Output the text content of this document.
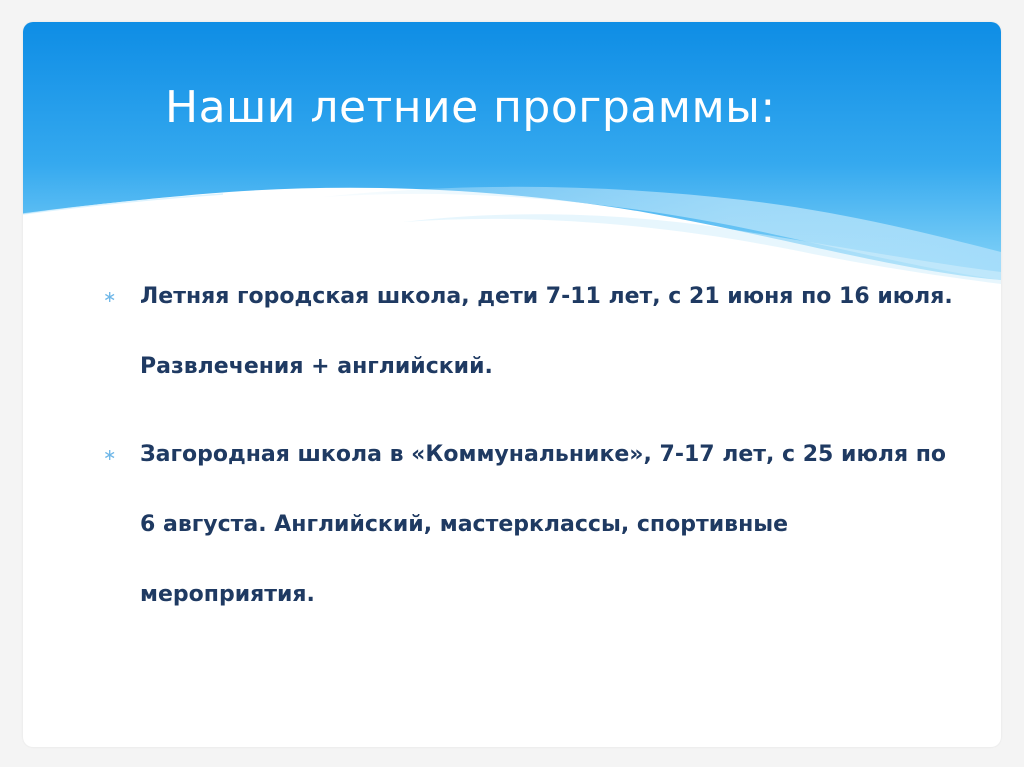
Наши летние программы:
∗ Летняя городская школа, дети 7-11 лет, с 21 июня по 16 июля. Развлечения + английский.
∗ Загородная школа в «Коммунальнике», 7-17 лет, с 25 июля по 6 августа. Английский, мастерклассы, спортивные мероприятия.
